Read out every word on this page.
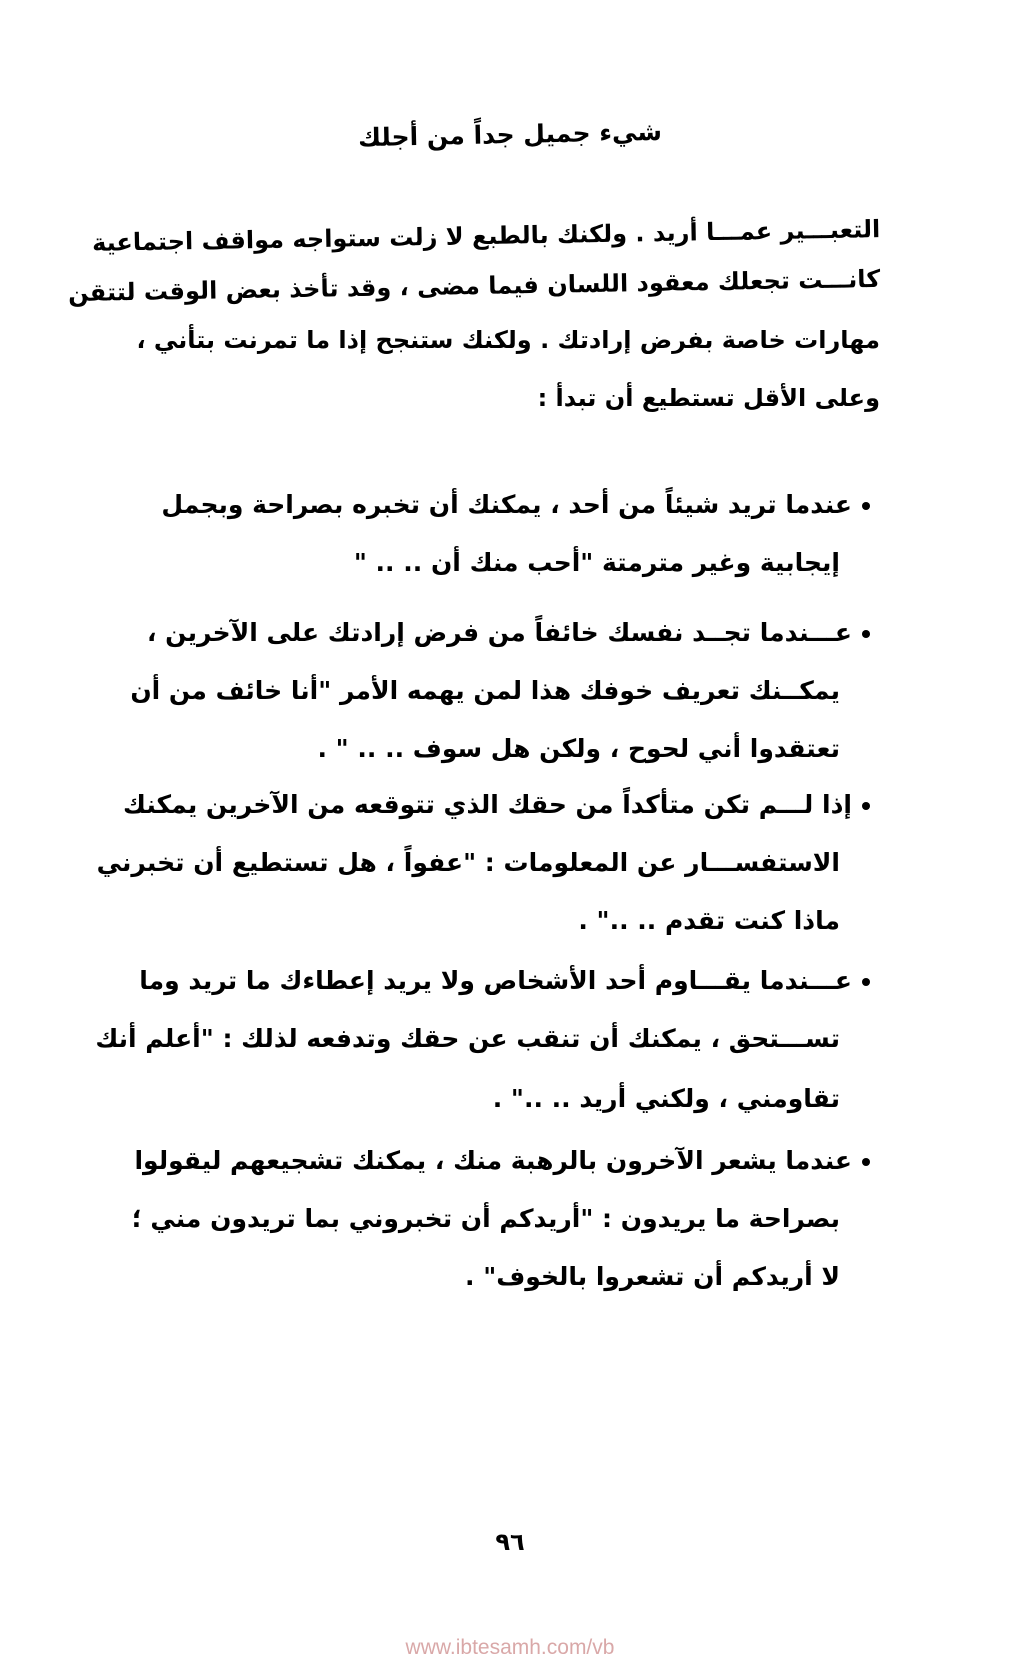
شيء جميل جداً من أجلك
التعبـــير عمـــا أريد . ولكنك بالطبع لا زلت ستواجه مواقف اجتماعية
كانـــت تجعلك معقود اللسان فيما مضى ، وقد تأخذ بعض الوقت لتتقن
مهارات خاصة بفرض إرادتك . ولكنك ستنجح إذا ما تمرنت بتأني ،
وعلى الأقل تستطيع أن تبدأ :
عندما تريد شيئاً من أحد ، يمكنك أن تخبره بصراحة وبجمل
إيجابية وغير مترمتة "أحب منك أن .. .. "
عـــندما تجــد نفسك خائفاً من فرض إرادتك على الآخرين ،
يمكــنك تعريف خوفك هذا لمن يهمه الأمر "أنا خائف من أن
تعتقدوا أني لحوح ، ولكن هل سوف .. .. " .
إذا لـــم تكن متأكداً من حقك الذي تتوقعه من الآخرين يمكنك
الاستفســـار عن المعلومات : "عفواً ، هل تستطيع أن تخبرني
ماذا كنت تقدم .. .." .
عـــندما يقـــاوم أحد الأشخاص ولا يريد إعطاءك ما تريد وما
تســـتحق ، يمكنك أن تنقب عن حقك وتدفعه لذلك : "أعلم أنك
تقاومني ، ولكني أريد .. .." .
عندما يشعر الآخرون بالرهبة منك ، يمكنك تشجيعهم ليقولوا
بصراحة ما يريدون : "أريدكم أن تخبروني بما تريدون مني ؛
لا أريدكم أن تشعروا بالخوف" .
٩٦
www.ibtesamh.com/vb
